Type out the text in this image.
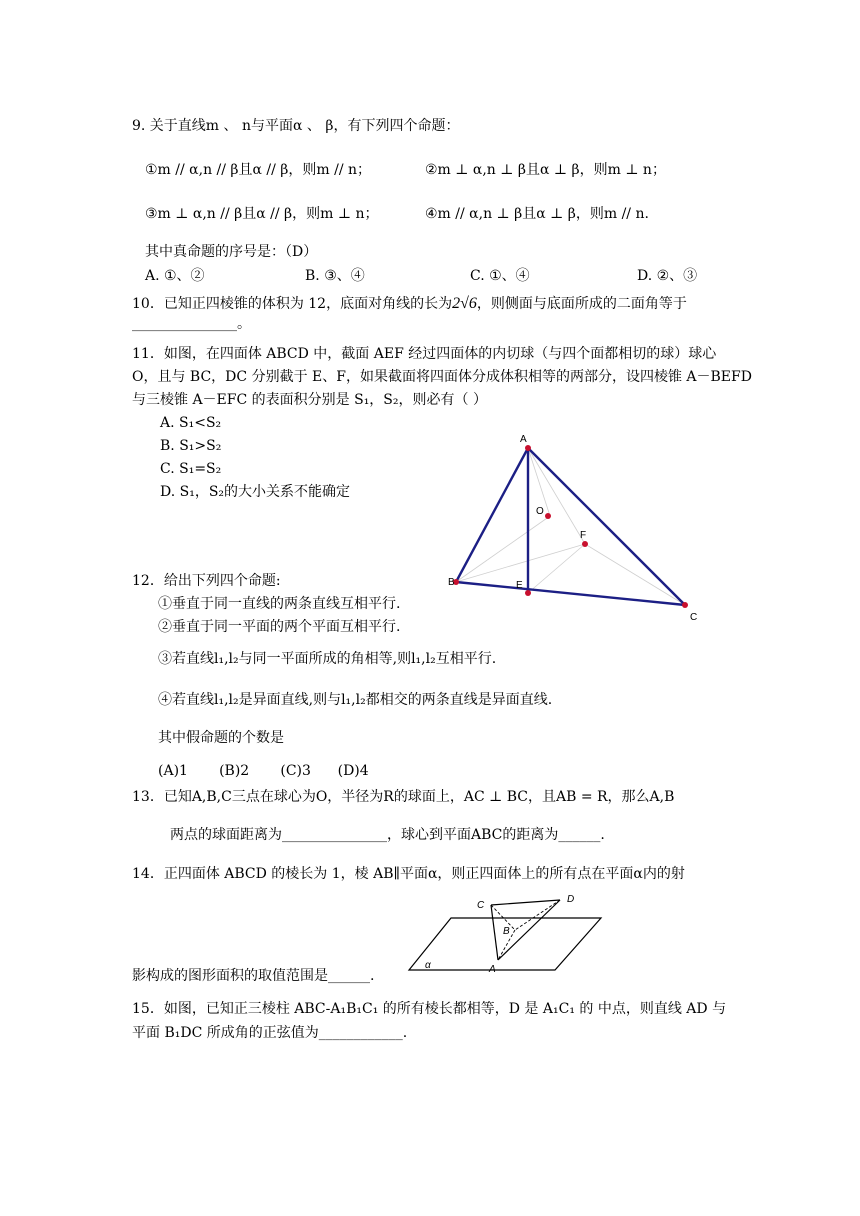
9. 关于直线m 、 n与平面α 、 β，有下列四个命题：
①m // α,n // β且α // β，则m // n；	②m ⊥ α,n ⊥ β且α ⊥ β，则m ⊥ n；
③m ⊥ α,n // β且α // β，则m ⊥ n；	④m // α,n ⊥ β且α ⊥ β，则m // n.
其中真命题的序号是：（D）
A. ①、②	B. ③、④	C. ①、④	D. ②、③
10．已知正四棱锥的体积为 12，底面对角线的长为2√6，则侧面与底面所成的二面角等于
_______________。
11．如图，在四面体 ABCD 中，截面 AEF 经过四面体的内切球（与四个面都相切的球）球心
O，且与 BC，DC 分别截于 E、F，如果截面将四面体分成体积相等的两部分，设四棱锥 A－BEFD
与三棱锥 A－EFC 的表面积分别是 S₁，S₂，则必有（ ）
A. S₁<S₂
B. S₁>S₂
C. S₁=S₂
D. S₁，S₂的大小关系不能确定
A
B
C
E
F
O
12．给出下列四个命题:
①垂直于同一直线的两条直线互相平行.
②垂直于同一平面的两个平面互相平行.
③若直线l₁,l₂与同一平面所成的角相等,则l₁,l₂互相平行.
④若直线l₁,l₂是异面直线,则与l₁,l₂都相交的两条直线是异面直线.
其中假命题的个数是
(A)1       (B)2       (C)3      (D)4
13．已知A,B,C三点在球心为O，半径为R的球面上，AC ⊥ BC，且AB = R，那么A,B
两点的球面距离为_______________，球心到平面ABC的距离为______.
14．正四面体 ABCD 的棱长为 1，棱 AB∥平面α，则正四面体上的所有点在平面α内的射
C
D
B
A
α
影构成的图形面积的取值范围是______.
15．如图，已知正三棱柱 ABC-A₁B₁C₁ 的所有棱长都相等，D 是 A₁C₁ 的 中点，则直线 AD 与
平面 B₁DC 所成角的正弦值为____________.
